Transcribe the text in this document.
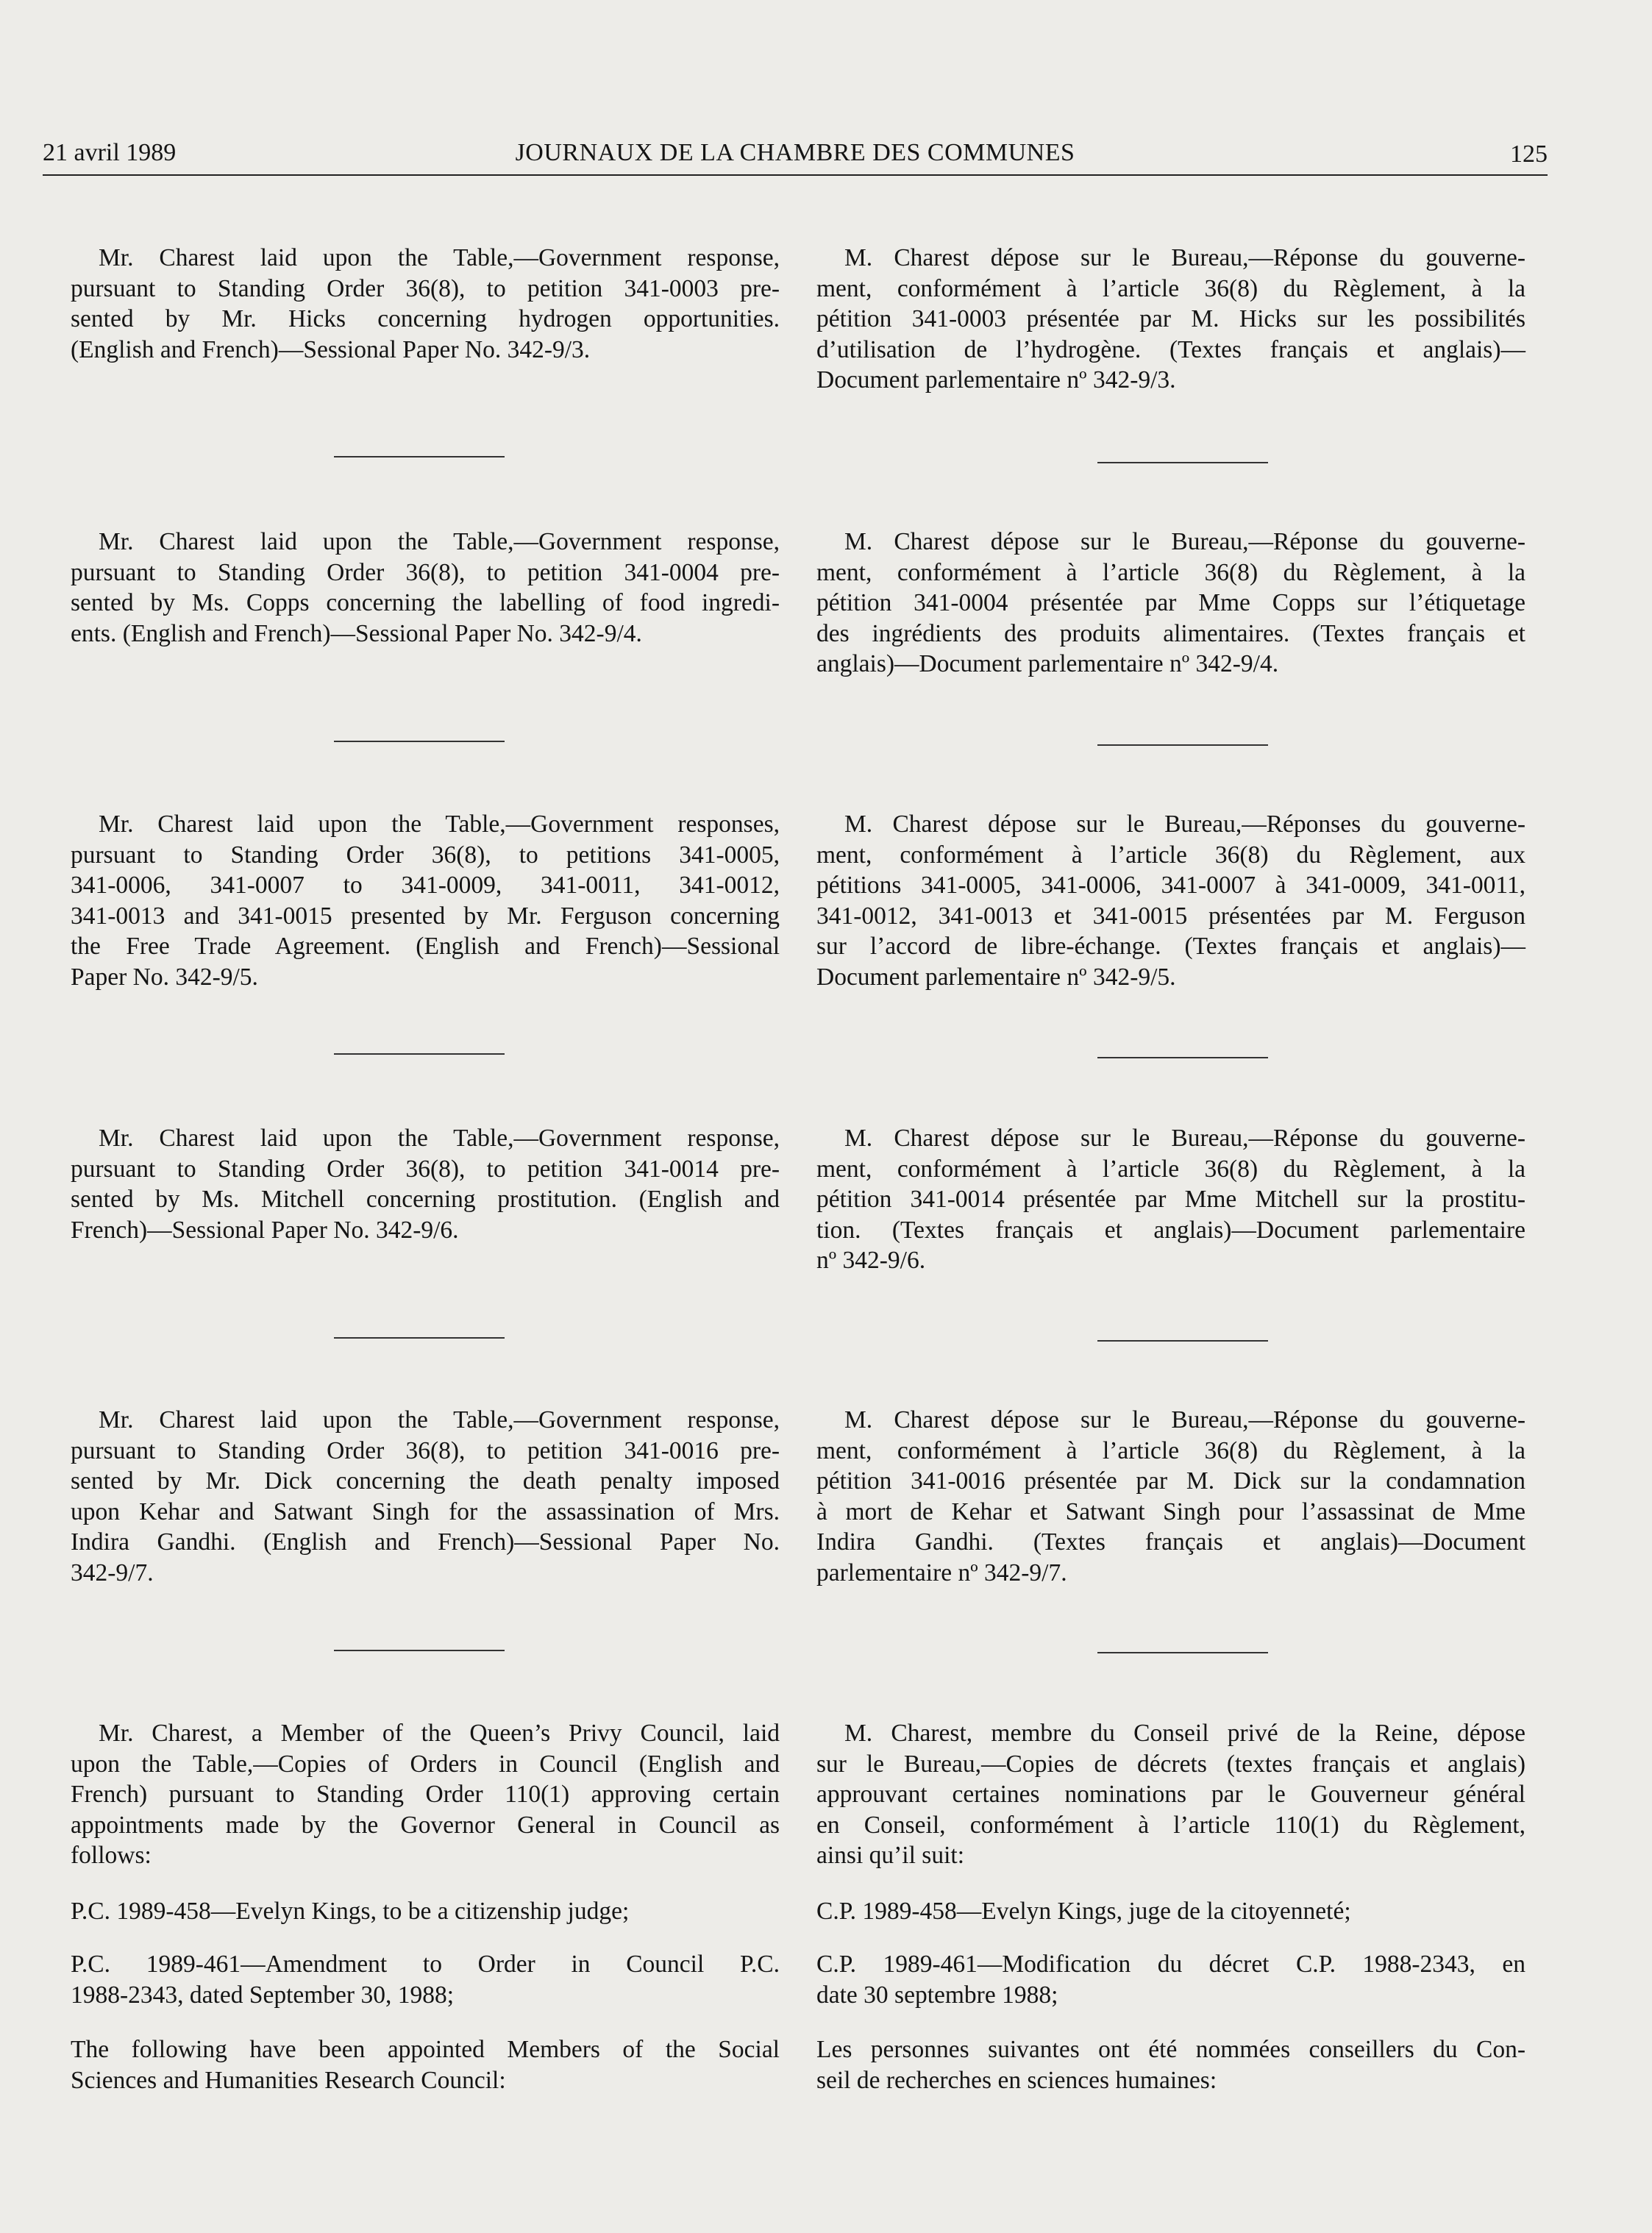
21 avril 1989	JOURNAUX DE LA CHAMBRE DES COMMUNES	125
Mr. Charest laid upon the Table,—Government response,
pursuant to Standing Order 36(8), to petition 341-0003 pre-
sented by Mr. Hicks concerning hydrogen opportunities.
(English and French)—Sessional Paper No. 342-9/3.
Mr. Charest laid upon the Table,—Government response,
pursuant to Standing Order 36(8), to petition 341-0004 pre-
sented by Ms. Copps concerning the labelling of food ingredi-
ents. (English and French)—Sessional Paper No. 342-9/4.
Mr. Charest laid upon the Table,—Government responses,
pursuant to Standing Order 36(8), to petitions 341-0005,
341-0006, 341-0007 to 341-0009, 341-0011, 341-0012,
341-0013 and 341-0015 presented by Mr. Ferguson concerning
the Free Trade Agreement. (English and French)—Sessional
Paper No. 342-9/5.
Mr. Charest laid upon the Table,—Government response,
pursuant to Standing Order 36(8), to petition 341-0014 pre-
sented by Ms. Mitchell concerning prostitution. (English and
French)—Sessional Paper No. 342-9/6.
Mr. Charest laid upon the Table,—Government response,
pursuant to Standing Order 36(8), to petition 341-0016 pre-
sented by Mr. Dick concerning the death penalty imposed
upon Kehar and Satwant Singh for the assassination of Mrs.
Indira Gandhi. (English and French)—Sessional Paper No.
342-9/7.
Mr. Charest, a Member of the Queen’s Privy Council, laid
upon the Table,—Copies of Orders in Council (English and
French) pursuant to Standing Order 110(1) approving certain
appointments made by the Governor General in Council as
follows:
P.C. 1989-458—Evelyn Kings, to be a citizenship judge;
P.C. 1989-461—Amendment to Order in Council P.C.
1988-2343, dated September 30, 1988;
The following have been appointed Members of the Social
Sciences and Humanities Research Council:
M. Charest dépose sur le Bureau,—Réponse du gouverne-
ment, conformément à l’article 36(8) du Règlement, à la
pétition 341-0003 présentée par M. Hicks sur les possibilités
d’utilisation de l’hydrogène. (Textes français et anglais)—
Document parlementaire nº 342-9/3.
M. Charest dépose sur le Bureau,—Réponse du gouverne-
ment, conformément à l’article 36(8) du Règlement, à la
pétition 341-0004 présentée par Mme Copps sur l’étiquetage
des ingrédients des produits alimentaires. (Textes français et
anglais)—Document parlementaire nº 342-9/4.
M. Charest dépose sur le Bureau,—Réponses du gouverne-
ment, conformément à l’article 36(8) du Règlement, aux
pétitions 341-0005, 341-0006, 341-0007 à 341-0009, 341-0011,
341-0012, 341-0013 et 341-0015 présentées par M. Ferguson
sur l’accord de libre-échange. (Textes français et anglais)—
Document parlementaire nº 342-9/5.
M. Charest dépose sur le Bureau,—Réponse du gouverne-
ment, conformément à l’article 36(8) du Règlement, à la
pétition 341-0014 présentée par Mme Mitchell sur la prostitu-
tion. (Textes français et anglais)—Document parlementaire
nº 342-9/6.
M. Charest dépose sur le Bureau,—Réponse du gouverne-
ment, conformément à l’article 36(8) du Règlement, à la
pétition 341-0016 présentée par M. Dick sur la condamnation
à mort de Kehar et Satwant Singh pour l’assassinat de Mme
Indira Gandhi. (Textes français et anglais)—Document
parlementaire nº 342-9/7.
M. Charest, membre du Conseil privé de la Reine, dépose
sur le Bureau,—Copies de décrets (textes français et anglais)
approuvant certaines nominations par le Gouverneur général
en Conseil, conformément à l’article 110(1) du Règlement,
ainsi qu’il suit:
C.P. 1989-458—Evelyn Kings, juge de la citoyenneté;
C.P. 1989-461—Modification du décret C.P. 1988-2343, en
date 30 septembre 1988;
Les personnes suivantes ont été nommées conseillers du Con-
seil de recherches en sciences humaines:
